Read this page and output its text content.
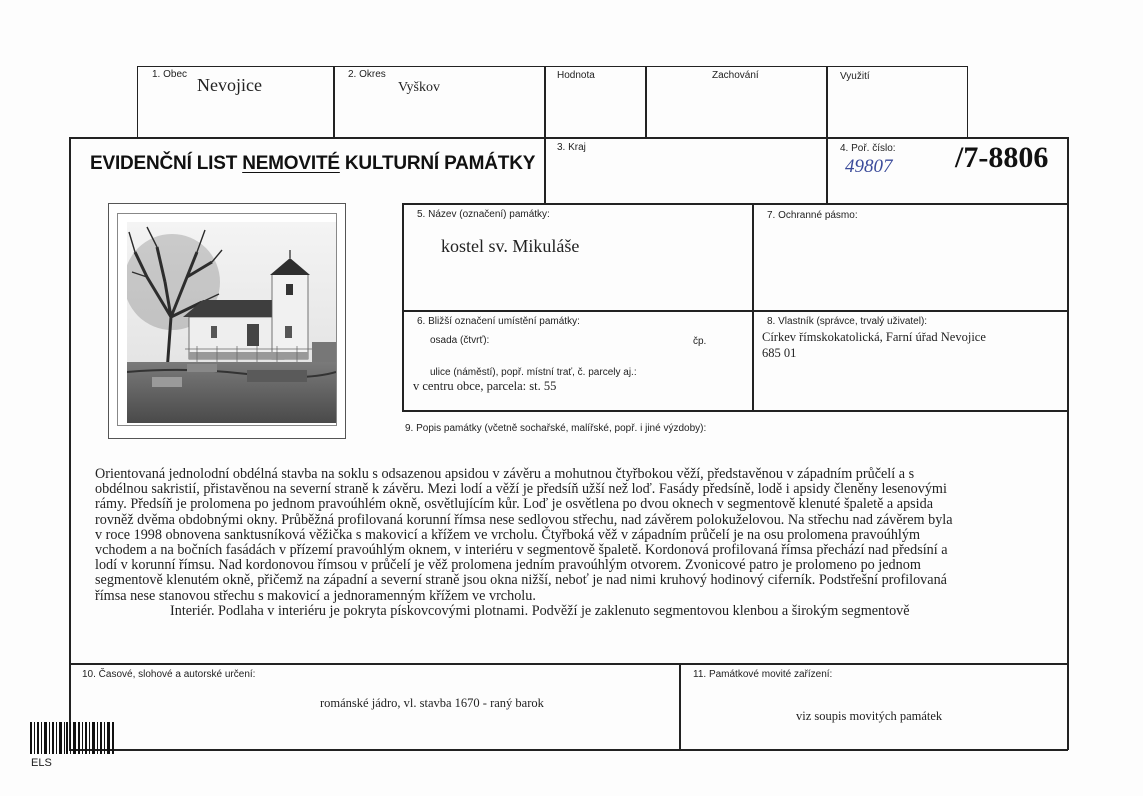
1. Obec
Nevojice
2. Okres
Vyškov
Hodnota	Zachování	Využití
EVIDENČNÍ LIST NEMOVITÉ KULTURNÍ PAMÁTKY
3. Kraj	4. Poř. číslo:
49807 /7-8806
5. Název (označení) památky:
kostel sv. Mikuláše
7. Ochranné pásmo:
6. Bližší označení umístění památky:
osada (čtvrť):	čp.
ulice (náměstí), popř. místní trať, č. parcely aj.:
v centru obce, parcela: st. 55
8. Vlastník (správce, trvalý uživatel):
Církev římskokatolická, Farní úřad Nevojice
685 01
9. Popis památky (včetně sochařské, malířské, popř. i jiné výzdoby):

Orientovaná jednolodní obdélná stavba na soklu s odsazenou apsidou v závěru a mohutnou čtyřbokou věží, představěnou v západním průčelí a s

obdélnou sakristií, přistavěnou na severní straně k závěru. Mezi lodí a věží je předsíň užší než loď. Fasády předsíně, lodě i apsidy členěny lesenovými

rámy. Předsíň je prolomena po jednom pravoúhlém okně, osvětlujícím kůr. Loď je osvětlena po dvou oknech v segmentově klenuté špaletě a apsida

rovněž dvěma obdobnými okny. Průběžná profilovaná korunní římsa nese sedlovou střechu, nad závěrem polokuželovou. Na střechu nad závěrem byla

v roce 1998 obnovena sanktusníková věžička s makovicí a křížem ve vrcholu. Čtyřboká věž v západním průčelí je na osu prolomena pravoúhlým

vchodem a na bočních fasádách v přízemí pravoúhlým oknem, v interiéru v segmentově špaletě. Kordonová profilovaná římsa přechází nad předsíní a

lodí v korunní římsu. Nad kordonovou římsou v průčelí je věž prolomena jedním pravoúhlým otvorem. Zvonicové patro je prolomeno po jednom

segmentově klenutém okně, přičemž na západní a severní straně jsou okna nižší, neboť je nad nimi kruhový hodinový ciferník. Podstřešní profilovaná

římsa nese stanovou střechu s makovicí a jednoramenným křížem ve vrcholu.

Interiér. Podlaha v interiéru je pokryta pískovcovými plotnami. Podvěží je zaklenuto segmentovou klenbou a širokým segmentově

10. Časové, slohové a autorské určení:
románské jádro, vl. stavba 1670 - raný barok
11. Památkové movité zařízení:
viz soupis movitých památek
ELS
